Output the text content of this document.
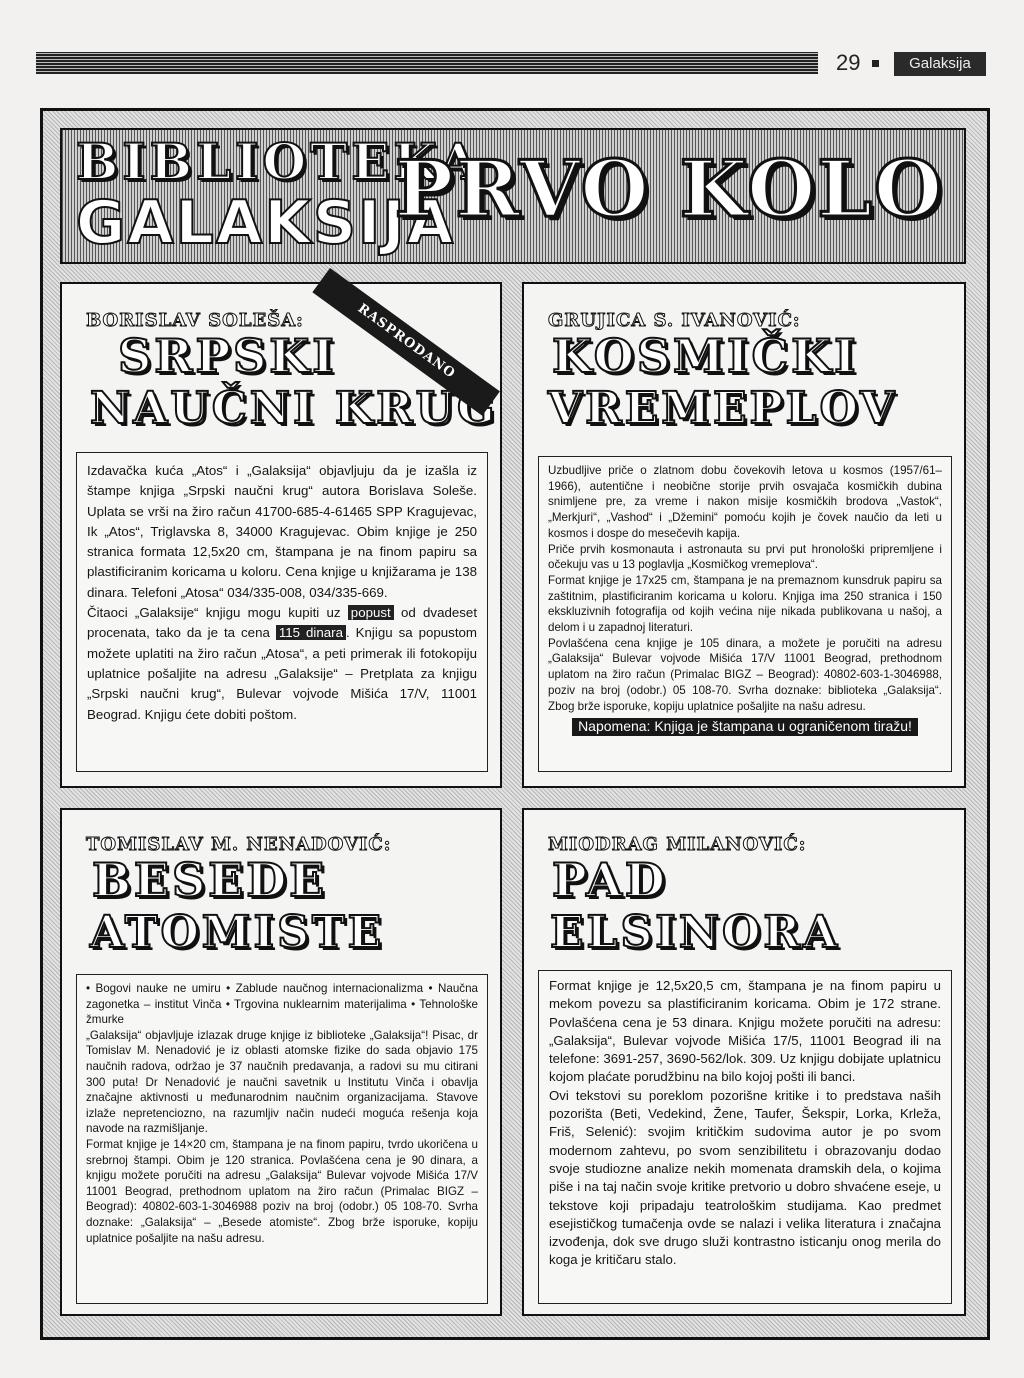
29	Galaksija
BIBLIOTEKA
GALAKSIJA
PRVO KOLO
BORISLAV SOLEŠA:
SRPSKI
NAUČNI KRUG

Izdavačka kuća „Atos“ i „Galaksija“ objavljuju da je izašla iz štampe knjiga „Srpski naučni krug“ autora Borislava Soleše. Uplata se vrši na žiro račun 41700-685-4-61465 SPP Kragujevac, Ik „Atos“, Triglavska 8, 34000 Kragujevac. Obim knjige je 250 stranica formata 12,5x20 cm, štampana je na finom papiru sa plastificiranim koricama u koloru. Cena knjige u knjižarama je 138 dinara. Telefoni „Atosa“ 034/335-008, 034/335-669.

Čitaoci „Galaksije“ knjigu mogu kupiti uz popust od dvadeset procenata, tako da je ta cena 115 dinara . Knjigu sa popustom možete uplatiti na žiro račun „Atosa“, a peti primerak ili fotokopiju uplatnice pošaljite na adresu „Galaksije“ – Pretplata za knjigu „Srpski naučni krug“, Bulevar vojvode Mišića 17/V, 11001 Beograd. Knjigu ćete dobiti poštom.

RASPRODANO	GRUJICA S. IVANOVIĆ:
KOSMIČKI
VREMEPLOV

Uzbudljive priče o zlatnom dobu čovekovih letova u kosmos (1957/61–1966), autentične i neobične storije prvih osvajača kosmičkih dubina snimljene pre, za vreme i nakon misije kosmičkih brodova „Vastok“, „Merkjuri“, „Vashod“ i „Džemini“ pomoću kojih je čovek naučio da leti u kosmos i dospe do mesečevih kapija.

Priče prvih kosmonauta i astronauta su prvi put hronološki pripremljene i očekuju vas u 13 poglavlja „Kosmičkog vremeplova“.

Format knjige je 17x25 cm, štampana je na premaznom kunsdruk papiru sa zaštitnim, plastificiranim koricama u koloru. Knjiga ima 250 stranica i 150 ekskluzivnih fotografija od kojih većina nije nikada publikovana u našoj, a delom i u zapadnoj literaturi.

Povlašćena cena knjige je 105 dinara, a možete je poručiti na adresu „Galaksija“ Bulevar vojvode Mišića 17/V 11001 Beograd, prethodnom uplatom na žiro račun (Primalac BIGZ – Beograd): 40802-603-1-3046988, poziv na broj (odobr.) 05 108-70. Svrha doznake: biblioteka „Galaksija“. Zbog brže isporuke, kopiju uplatnice pošaljite na našu adresu.

Napomena: Knjiga je štampana u ograničenom tiražu!
TOMISLAV M. NENADOVIĆ:
BESEDE
ATOMISTE

• Bogovi nauke ne umiru • Zablude naučnog internacionalizma • Naučna zagonetka – institut Vinča • Trgovina nuklearnim materijalima • Tehnološke žmurke

„Galaksija“ objavljuje izlazak druge knjige iz biblioteke „Galaksija“! Pisac, dr Tomislav M. Nenadović je iz oblasti atomske fizike do sada objavio 175 naučnih radova, održao je 37 naučnih predavanja, a radovi su mu citirani 300 puta! Dr Nenadović je naučni savetnik u Institutu Vinča i obavlja značajne aktivnosti u međunarodnim naučnim organizacijama. Stavove izlaže nepretenciozno, na razumljiv način nudeći moguća rešenja koja navode na razmišljanje.

Format knjige je 14×20 cm, štampana je na finom papiru, tvrdo ukoričena u srebrnoj štampi. Obim je 120 stranica. Povlašćena cena je 90 dinara, a knjigu možete poručiti na adresu „Galaksija“ Bulevar vojvode Mišića 17/V 11001 Beograd, prethodnom uplatom na žiro račun (Primalac BIGZ – Beograd): 40802-603-1-3046988 poziv na broj (odobr.) 05 108-70. Svrha doznake: „Galaksija“ – „Besede atomiste“. Zbog brže isporuke, kopiju uplatnice pošaljite na našu adresu.

MIODRAG MILANOVIĆ:
PAD
ELSINORA

Format knjige je 12,5x20,5 cm, štampana je na finom papiru u mekom povezu sa plastificiranim koricama. Obim je 172 strane. Povlašćena cena je 53 dinara. Knjigu možete poručiti na adresu: „Galaksija“, Bulevar vojvode Mišića 17/5, 11001 Beograd ili na telefone: 3691-257, 3690-562/lok. 309. Uz knjigu dobijate uplatnicu kojom plaćate porudžbinu na bilo kojoj pošti ili banci.

Ovi tekstovi su poreklom pozorišne kritike i to predstava naših pozorišta (Beti, Vedekind, Žene, Taufer, Šekspir, Lorka, Krleža, Friš, Selenić): svojim kritičkim sudovima autor je po svom modernom zahtevu, po svom senzibilitetu i obrazovanju dodao svoje studiozne analize nekih momenata dramskih dela, o kojima piše i na taj način svoje kritike pretvorio u dobro shvaćene eseje, u tekstove koji pripadaju teatrološkim studijama. Kao predmet esejističkog tumačenja ovde se nalazi i velika literatura i značajna izvođenja, dok sve drugo služi kontrastno isticanju onog merila do koga je kritičaru stalo.
